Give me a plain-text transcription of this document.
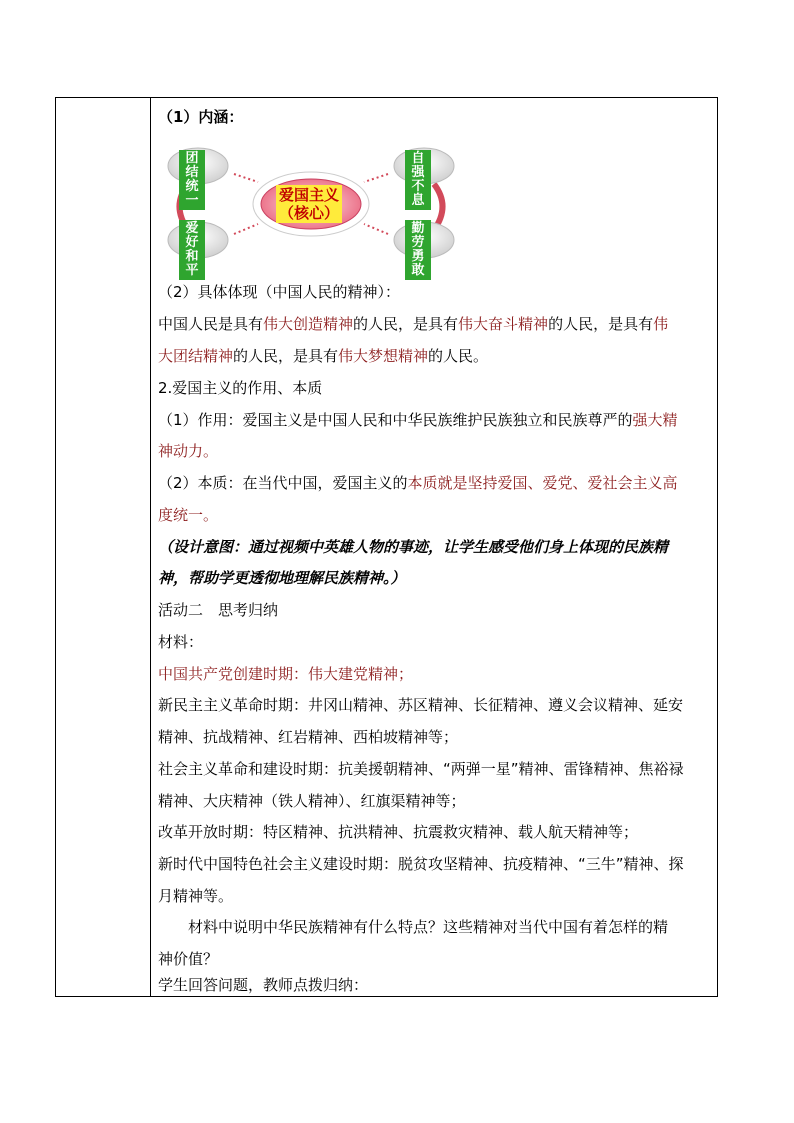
（1）内涵：
团结统一
爱好和平
自强不息
勤劳勇敢
爱国主义
（核心）
（2）具体体现（中国人民的精神）：
中国人民是具有伟大创造精神的人民，是具有伟大奋斗精神的人民，是具有伟
大团结精神的人民，是具有伟大梦想精神的人民。
2.爱国主义的作用、本质
（1）作用：爱国主义是中国人民和中华民族维护民族独立和民族尊严的强大精
神动力。
（2）本质：在当代中国，爱国主义的本质就是坚持爱国、爱党、爱社会主义高
度统一。
（设计意图：通过视频中英雄人物的事迹，让学生感受他们身上体现的民族精
神，帮助学更透彻地理解民族精神。）
活动二　思考归纳
材料：
中国共产党创建时期：伟大建党精神；
新民主主义革命时期：井冈山精神、苏区精神、长征精神、遵义会议精神、延安
精神、抗战精神、红岩精神、西柏坡精神等；
社会主义革命和建设时期：抗美援朝精神、“两弹一星”精神、雷锋精神、焦裕禄
精神、大庆精神（铁人精神）、红旗渠精神等；
改革开放时期：特区精神、抗洪精神、抗震救灾精神、载人航天精神等；
新时代中国特色社会主义建设时期：脱贫攻坚精神、抗疫精神、“三牛”精神、探
月精神等。
　　材料中说明中华民族精神有什么特点？这些精神对当代中国有着怎样的精
神价值？
学生回答问题，教师点拨归纳：
